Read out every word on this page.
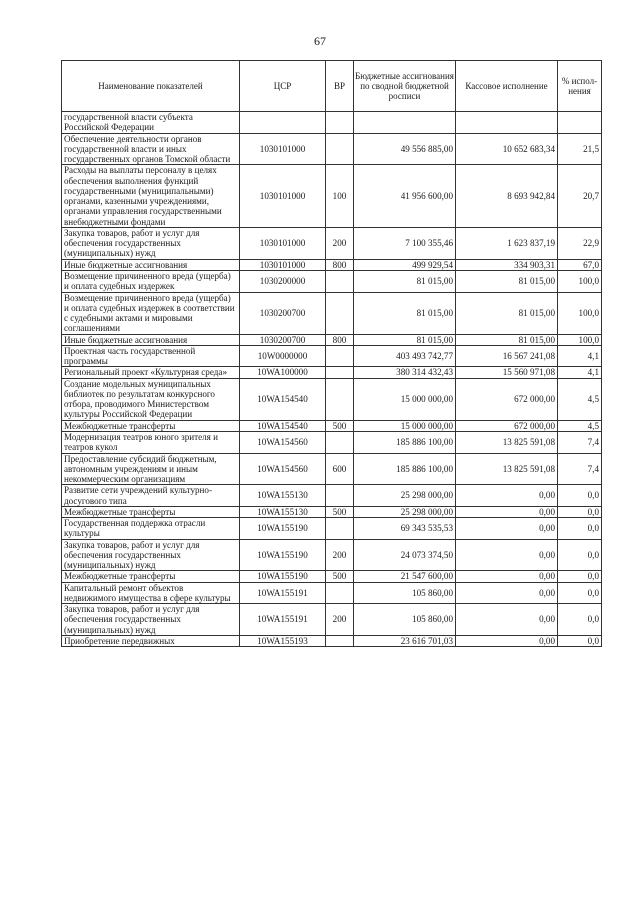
67
Наименование показателей	ЦСР	ВР	Бюджетные ассигнования по сводной бюджетной росписи	Кассовое исполнение	% испол-нения
государственной власти субъекта Российской Федерации					
Обеспечение деятельности органов государственной власти и иных государственных органов Томской области	1030101000		49 556 885,00	10 652 683,34	21,5
Расходы на выплаты персоналу в целях обеспечения выполнения функций государственными (муниципальными) органами, казенными учреждениями, органами управления государственными внебюджетными фондами	1030101000	100	41 956 600,00	8 693 942,84	20,7
Закупка товаров, работ и услуг для обеспечения государственных (муниципальных) нужд	1030101000	200	7 100 355,46	1 623 837,19	22,9
Иные бюджетные ассигнования	1030101000	800	499 929,54	334 903,31	67,0
Возмещение причиненного вреда (ущерба) и оплата судебных издержек	1030200000		81 015,00	81 015,00	100,0
Возмещение причиненного вреда (ущерба) и оплата судебных издержек в соответствии с судебными актами и мировыми соглашениями	1030200700		81 015,00	81 015,00	100,0
Иные бюджетные ассигнования	1030200700	800	81 015,00	81 015,00	100,0
Проектная часть государственной программы	10W0000000		403 493 742,77	16 567 241,08	4,1
Региональный проект «Культурная среда»	10WA100000		380 314 432,43	15 560 971,08	4,1
Создание модельных муниципальных библиотек по результатам конкурсного отбора, проводимого Министерством культуры Российской Федерации	10WA154540		15 000 000,00	672 000,00	4,5
Межбюджетные трансферты	10WA154540	500	15 000 000,00	672 000,00	4,5
Модернизация театров юного зрителя и театров кукол	10WA154560		185 886 100,00	13 825 591,08	7,4
Предоставление субсидий бюджетным, автономным учреждениям и иным некоммерческим организациям	10WA154560	600	185 886 100,00	13 825 591,08	7,4
Развитие сети учреждений культурно-досугового типа	10WA155130		25 298 000,00	0,00	0,0
Межбюджетные трансферты	10WA155130	500	25 298 000,00	0,00	0,0
Государственная поддержка отрасли культуры	10WA155190		69 343 535,53	0,00	0,0
Закупка товаров, работ и услуг для обеспечения государственных (муниципальных) нужд	10WA155190	200	24 073 374,50	0,00	0,0
Межбюджетные трансферты	10WA155190	500	21 547 600,00	0,00	0,0
Капитальный ремонт объектов недвижимого имущества в сфере культуры	10WA155191		105 860,00	0,00	0,0
Закупка товаров, работ и услуг для обеспечения государственных (муниципальных) нужд	10WA155191	200	105 860,00	0,00	0,0
Приобретение передвижных	10WA155193		23 616 701,03	0,00	0,0
